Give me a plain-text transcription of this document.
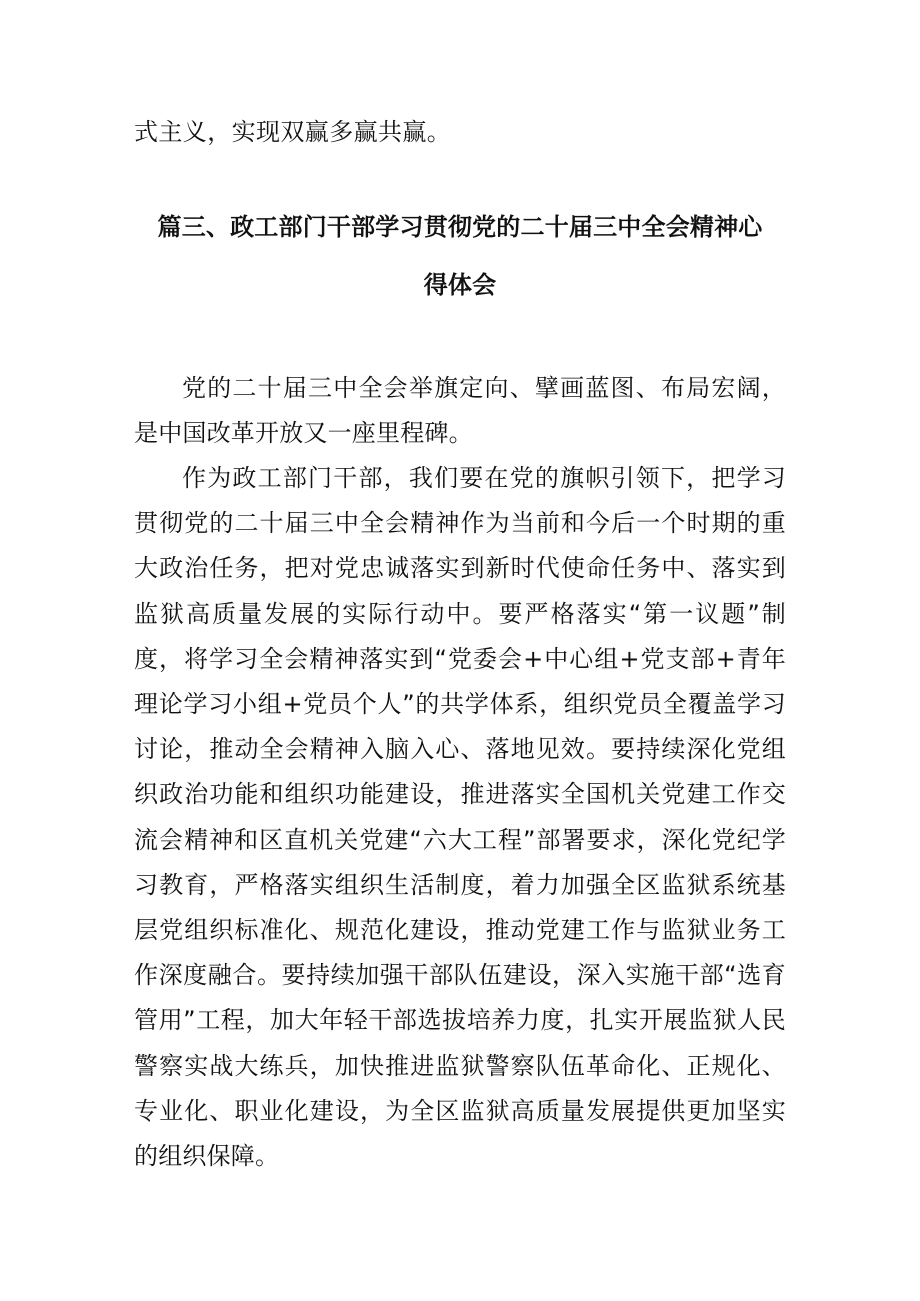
式主义，实现双赢多赢共赢。
篇三、政工部门干部学习贯彻党的二十届三中全会精神心
得体会

党的二十届三中全会举旗定向、擘画蓝图、布局宏阔，是中国改革开放又一座里程碑。

作为政工部门干部，我们要在党的旗帜引领下，把学习贯彻党的二十届三中全会精神作为当前和今后一个时期的重大政治任务，把对党忠诚落实到新时代使命任务中、落实到监狱高质量发展的实际行动中。要严格落实“第一议题”制度，将学习全会精神落实到“党委会+中心组+党支部+青年理论学习小组+党员个人”的共学体系，组织党员全覆盖学习讨论，推动全会精神入脑入心、落地见效。要持续深化党组织政治功能和组织功能建设，推进落实全国机关党建工作交流会精神和区直机关党建“六大工程”部署要求，深化党纪学习教育，严格落实组织生活制度，着力加强全区监狱系统基层党组织标准化、规范化建设，推动党建工作与监狱业务工作深度融合。要持续加强干部队伍建设，深入实施干部“选育管用”工程，加大年轻干部选拔培养力度，扎实开展监狱人民警察实战大练兵，加快推进监狱警察队伍革命化、正规化、专业化、职业化建设，为全区监狱高质量发展提供更加坚实的组织保障。
